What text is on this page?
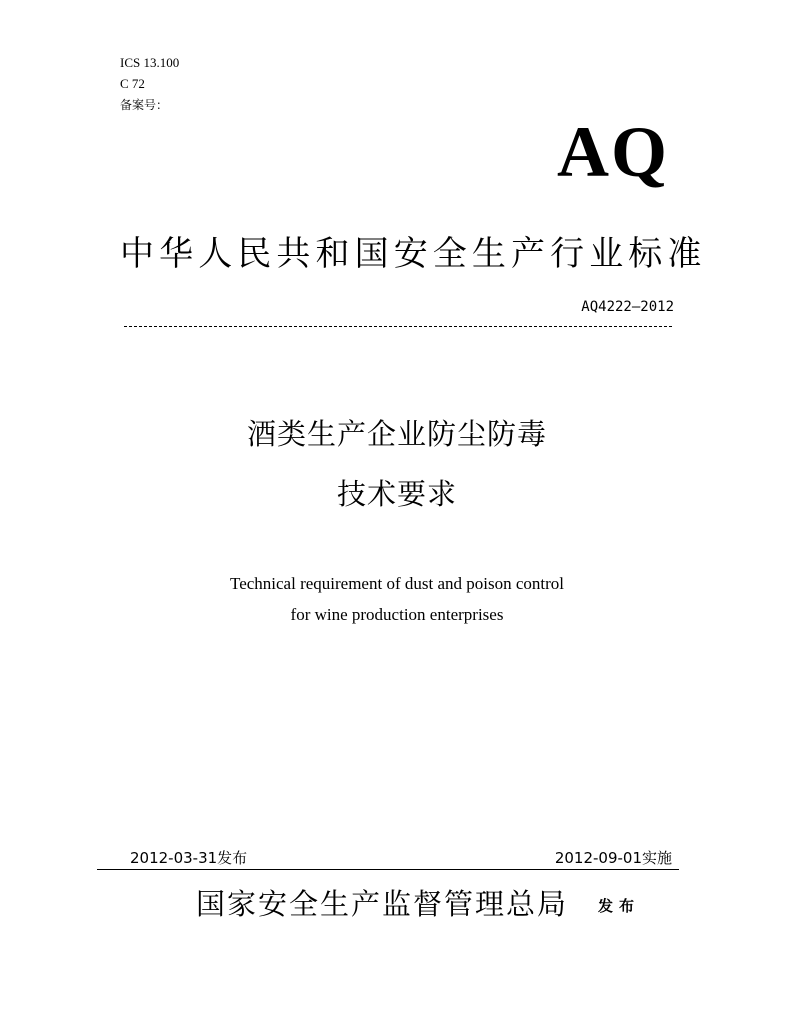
ICS 13.100
C 72
备案号：
AQ
中华人民共和国安全生产行业标准
AQ4222—2012
酒类生产企业防尘防毒
技术要求
Technical requirement of dust and poison control
for wine production enterprises
2012-03-31发布	2012-09-01实施
国家安全生产监督管理总局 发布
